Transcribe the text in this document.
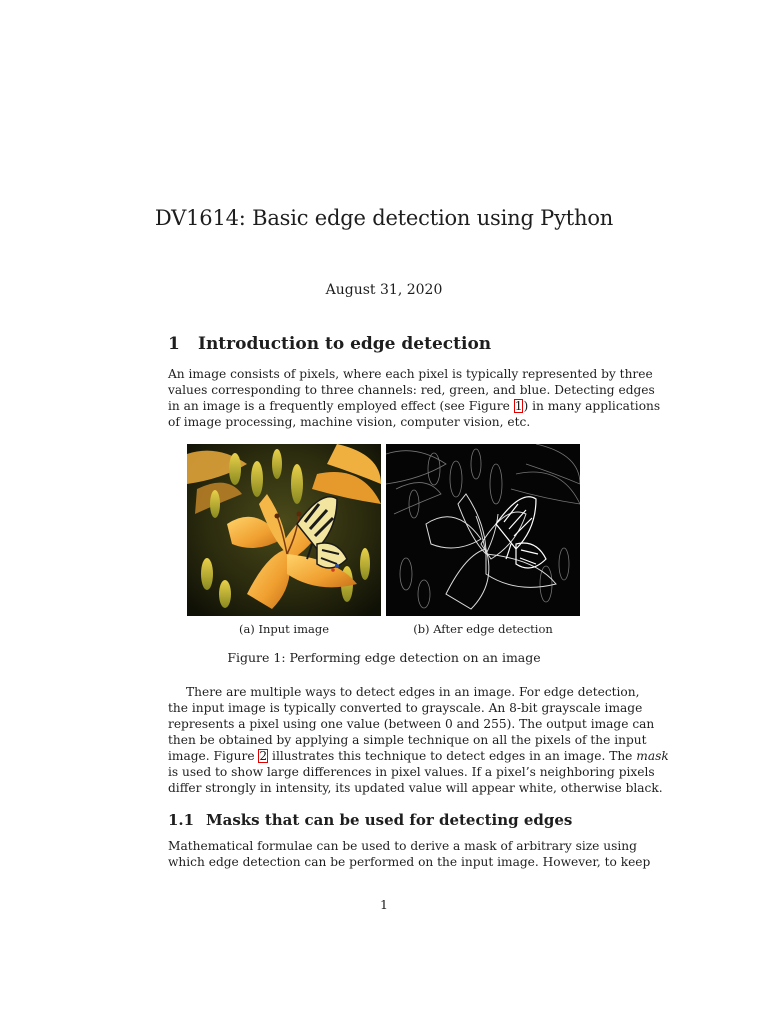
DV1614: Basic edge detection using Python
August 31, 2020
1 Introduction to edge detection
An image consists of pixels, where each pixel is typically represented by three
values corresponding to three channels: red, green, and blue. Detecting edges
in an image is a frequently employed effect (see Figure 1) in many applications
of image processing, machine vision, computer vision, etc.
(a) Input image	(b) After edge detection
Figure 1: Performing edge detection on an image
There are multiple ways to detect edges in an image. For edge detection,
the input image is typically converted to grayscale. An 8-bit grayscale image
represents a pixel using one value (between 0 and 255). The output image can
then be obtained by applying a simple technique on all the pixels of the input
image. Figure 2 illustrates this technique to detect edges in an image. The mask
is used to show large differences in pixel values. If a pixel’s neighboring pixels
differ strongly in intensity, its updated value will appear white, otherwise black.
1.1 Masks that can be used for detecting edges
Mathematical formulae can be used to derive a mask of arbitrary size using
which edge detection can be performed on the input image. However, to keep
1
